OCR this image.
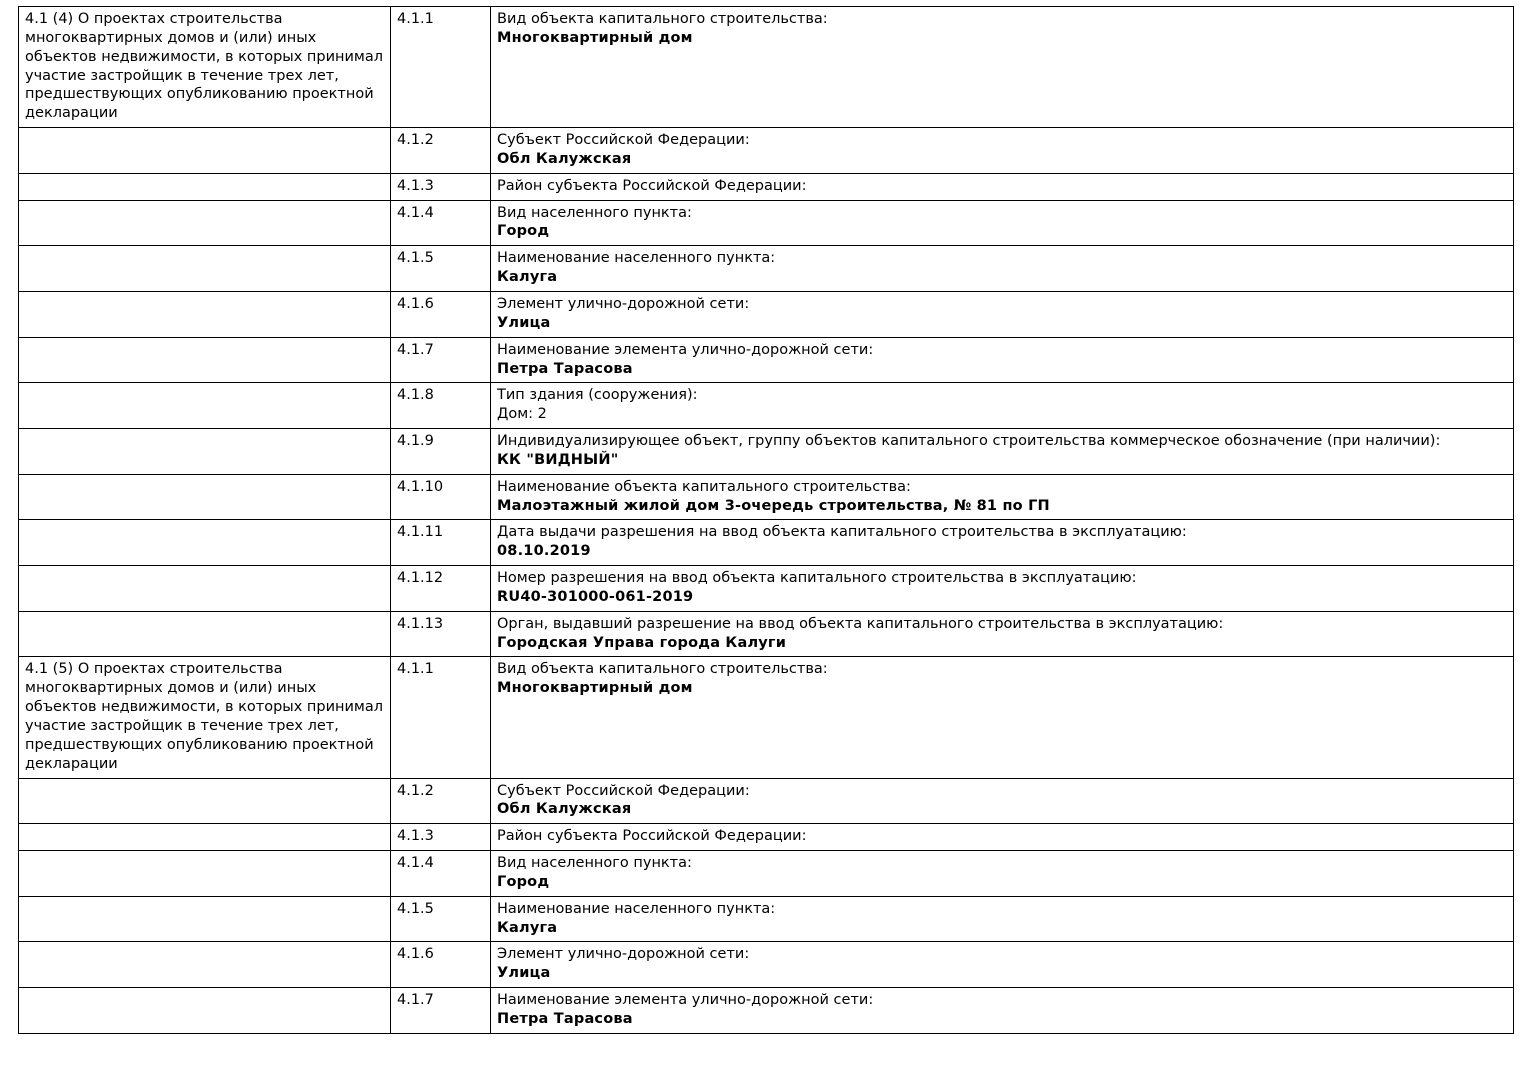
4.1 (4) О проектах строительства многоквартирных домов и (или) иных объектов недвижимости, в которых принимал участие застройщик в течение трех лет, предшествующих опубликованию проектной декларации	4.1.1	Вид объекта капитального строительства:
Многоквартирный дом

	4.1.2	Субъект Российской Федерации:
Обл Калужская

	4.1.3	Район субъекта Российской Федерации:

	4.1.4	Вид населенного пункта:
Город

	4.1.5	Наименование населенного пункта:
Калуга

	4.1.6	Элемент улично-дорожной сети:
Улица

	4.1.7	Наименование элемента улично-дорожной сети:
Петра Тарасова

	4.1.8	Тип здания (сооружения):
Дом: 2

	4.1.9	Индивидуализирующее объект, группу объектов капитального строительства коммерческое обозначение (при наличии):
КК "ВИДНЫЙ"

	4.1.10	Наименование объекта капитального строительства:
Малоэтажный жилой дом 3-очередь строительства, № 81 по ГП

	4.1.11	Дата выдачи разрешения на ввод объекта капитального строительства в эксплуатацию:
08.10.2019

	4.1.12	Номер разрешения на ввод объекта капитального строительства в эксплуатацию:
RU40-301000-061-2019

	4.1.13	Орган, выдавший разрешение на ввод объекта капитального строительства в эксплуатацию:
Городская Управа города Калуги

4.1 (5) О проектах строительства многоквартирных домов и (или) иных объектов недвижимости, в которых принимал участие застройщик в течение трех лет, предшествующих опубликованию проектной декларации	4.1.1	Вид объекта капитального строительства:
Многоквартирный дом

	4.1.2	Субъект Российской Федерации:
Обл Калужская

	4.1.3	Район субъекта Российской Федерации:

	4.1.4	Вид населенного пункта:
Город

	4.1.5	Наименование населенного пункта:
Калуга

	4.1.6	Элемент улично-дорожной сети:
Улица

	4.1.7	Наименование элемента улично-дорожной сети:
Петра Тарасова
